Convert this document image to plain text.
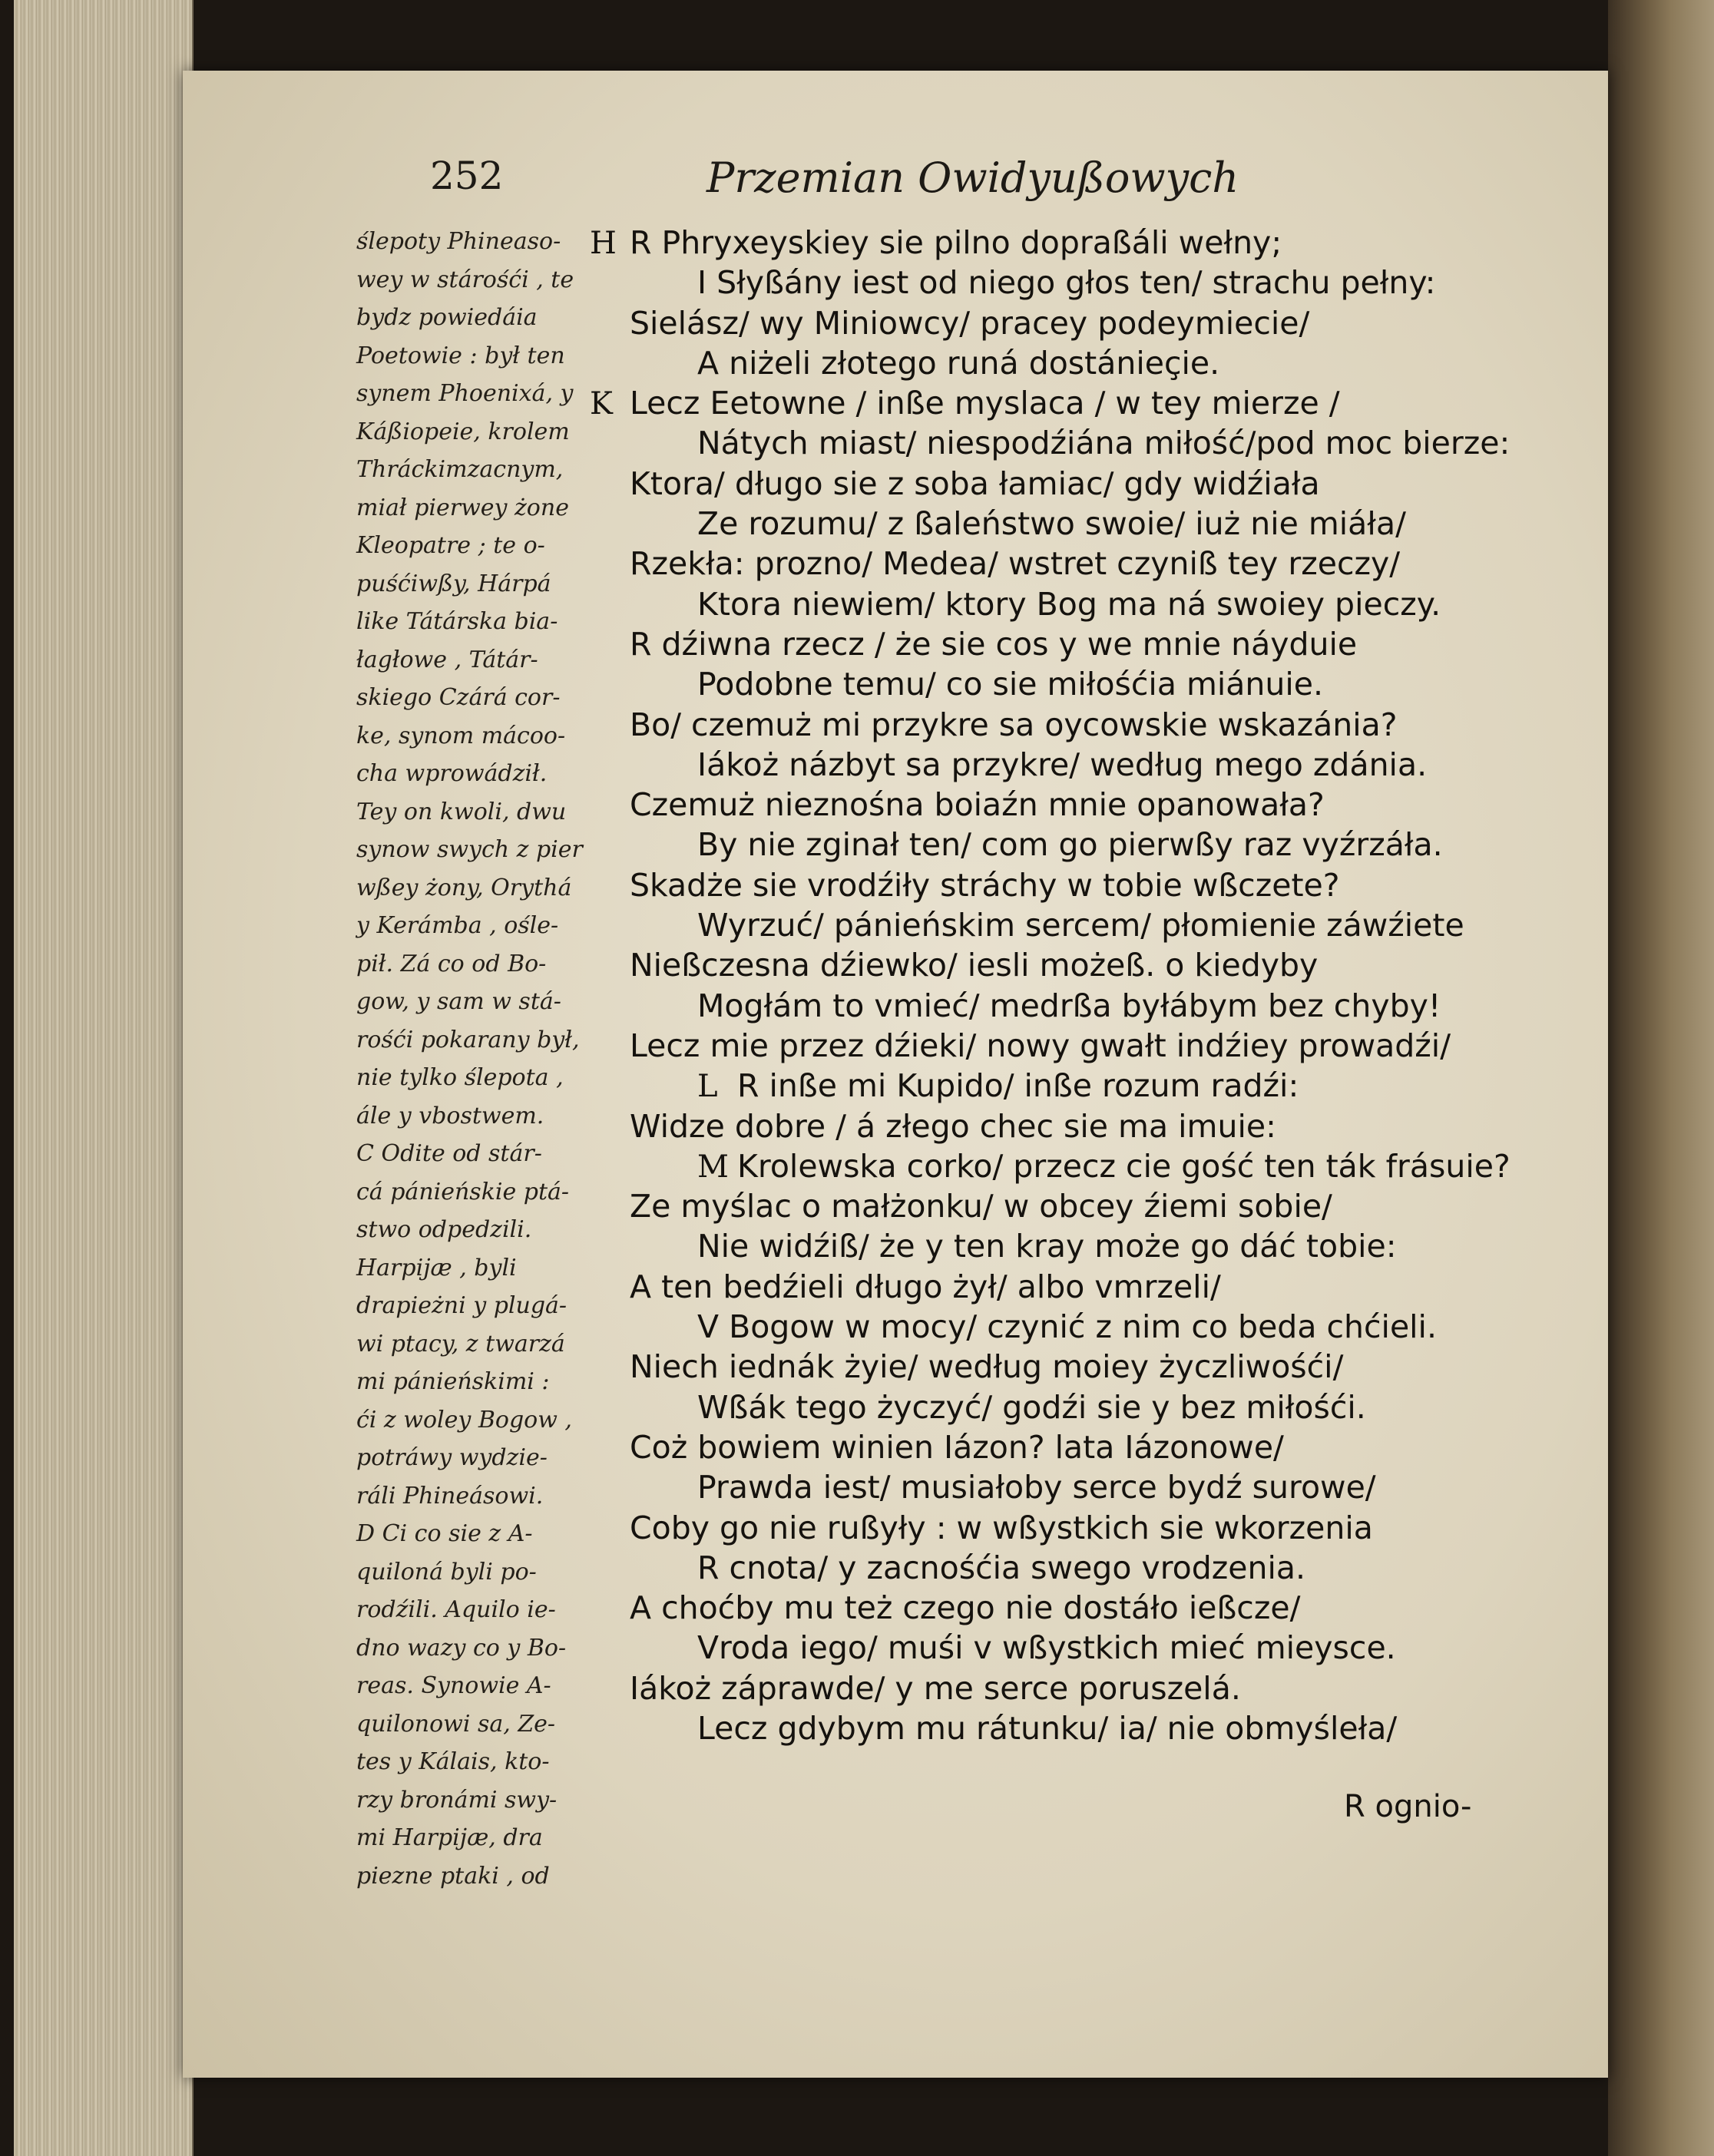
252	Przemian Owidyußowych
ślepoty Phineaso-
wey w stárośći , te
bydz powiedáia
Poetowie : był ten
synem Phoenixá, y
Káßiopeie, krolem
Thráckimzacnym,
miał pierwey żone
Kleopatre ; te o-
puśćiwßy, Hárpá
like Tátárska bia-
łagłowe , Tátár-
skiego Czárá cor-
ke, synom mácoo-
cha wprowádził.
Tey on kwoli, dwu
synow swych z pier
wßey żony, Orythá
y Kerámba , ośle-
pił. Zá co od Bo-
gow, y sam w stá-
rośći pokarany był,
nie tylko ślepota ,
ále y vbostwem.
C Odite od stár-
cá pánieńskie ptá-
stwo odpedzili.
Harpijæ , byli
drapieżni y plugá-
wi ptacy, z twarzá
mi pánieńskimi :
ći z woley Bogow ,
potráwy wydzie-
ráli Phineásowi.
D Ci co sie z A-
quiloná byli po-
rodźili. Aquilo ie-
dno wazy co y Bo-
reas. Synowie A-
quilonowi sa, Ze-
tes y Kálais, kto-
rzy bronámi swy-
mi Harpijæ, dra
piezne ptaki , od
H R Phryxeyskiey sie pilno dopraßáli wełny;
I Słyßány iest od niego głos ten/ strachu pełny:
Sielász/ wy Miniowcy/ pracey podeymiecie/
A niżeli złotego runá dostánieçie.
K Lecz Eetowne / inße myslaca / w tey mierze /
Nátych miast/ niespodźiána miłość/pod moc bierze:
Ktora/ długo sie z soba łamiac/ gdy widźiała
Ze rozumu/ z ßaleństwo swoie/ iuż nie miáła/
Rzekła: prozno/ Medea/ wstret czyniß tey rzeczy/
Ktora niewiem/ ktory Bog ma ná swoiey pieczy.
R dźiwna rzecz / że sie cos y we mnie náyduie
Podobne temu/ co sie miłośćia miánuie.
Bo/ czemuż mi przykre sa oycowskie wskazánia?
Iákoż názbyt sa przykre/ według mego zdánia.
Czemuż nieznośna boiaźn mnie opanowała?
By nie zginał ten/ com go pierwßy raz vyźrzáła.
Skadże sie vrodźiły stráchy w tobie wßczete?
Wyrzuć/ pánieńskim sercem/ płomienie záwźiete
Nießczesna dźiewko/ iesli możeß. o kiedyby
Mogłám to vmieć/ medrßa byłábym bez chyby!
Lecz mie przez dźieki/ nowy gwałt indźiey prowadźi/
L R inße mi Kupido/ inße rozum radźi:
Widze dobre / á złego chec sie ma imuie:
M Krolewska corko/ przecz cie gość ten ták frásuie?
Ze myślac o małżonku/ w obcey źiemi sobie/
Nie widźiß/ że y ten kray może go dáć tobie:
A ten bedźieli długo żył/ albo vmrzeli/
V Bogow w mocy/ czynić z nim co beda chćieli.
Niech iednák żyie/ według moiey życzliwośći/
Wßák tego życzyć/ godźi sie y bez miłośći.
Coż bowiem winien Iázon? lata Iázonowe/
Prawda iest/ musiałoby serce bydź surowe/
Coby go nie rußyły : w wßystkich sie wkorzenia
R cnota/ y zacnośćia swego vrodzenia.
A choćby mu też czego nie dostáło ießcze/
Vroda iego/ muśi v wßystkich mieć mieysce.
Iákoż záprawde/ y me serce poruszelá.
Lecz gdybym mu rátunku/ ia/ nie obmyśleła/
R ognio-
